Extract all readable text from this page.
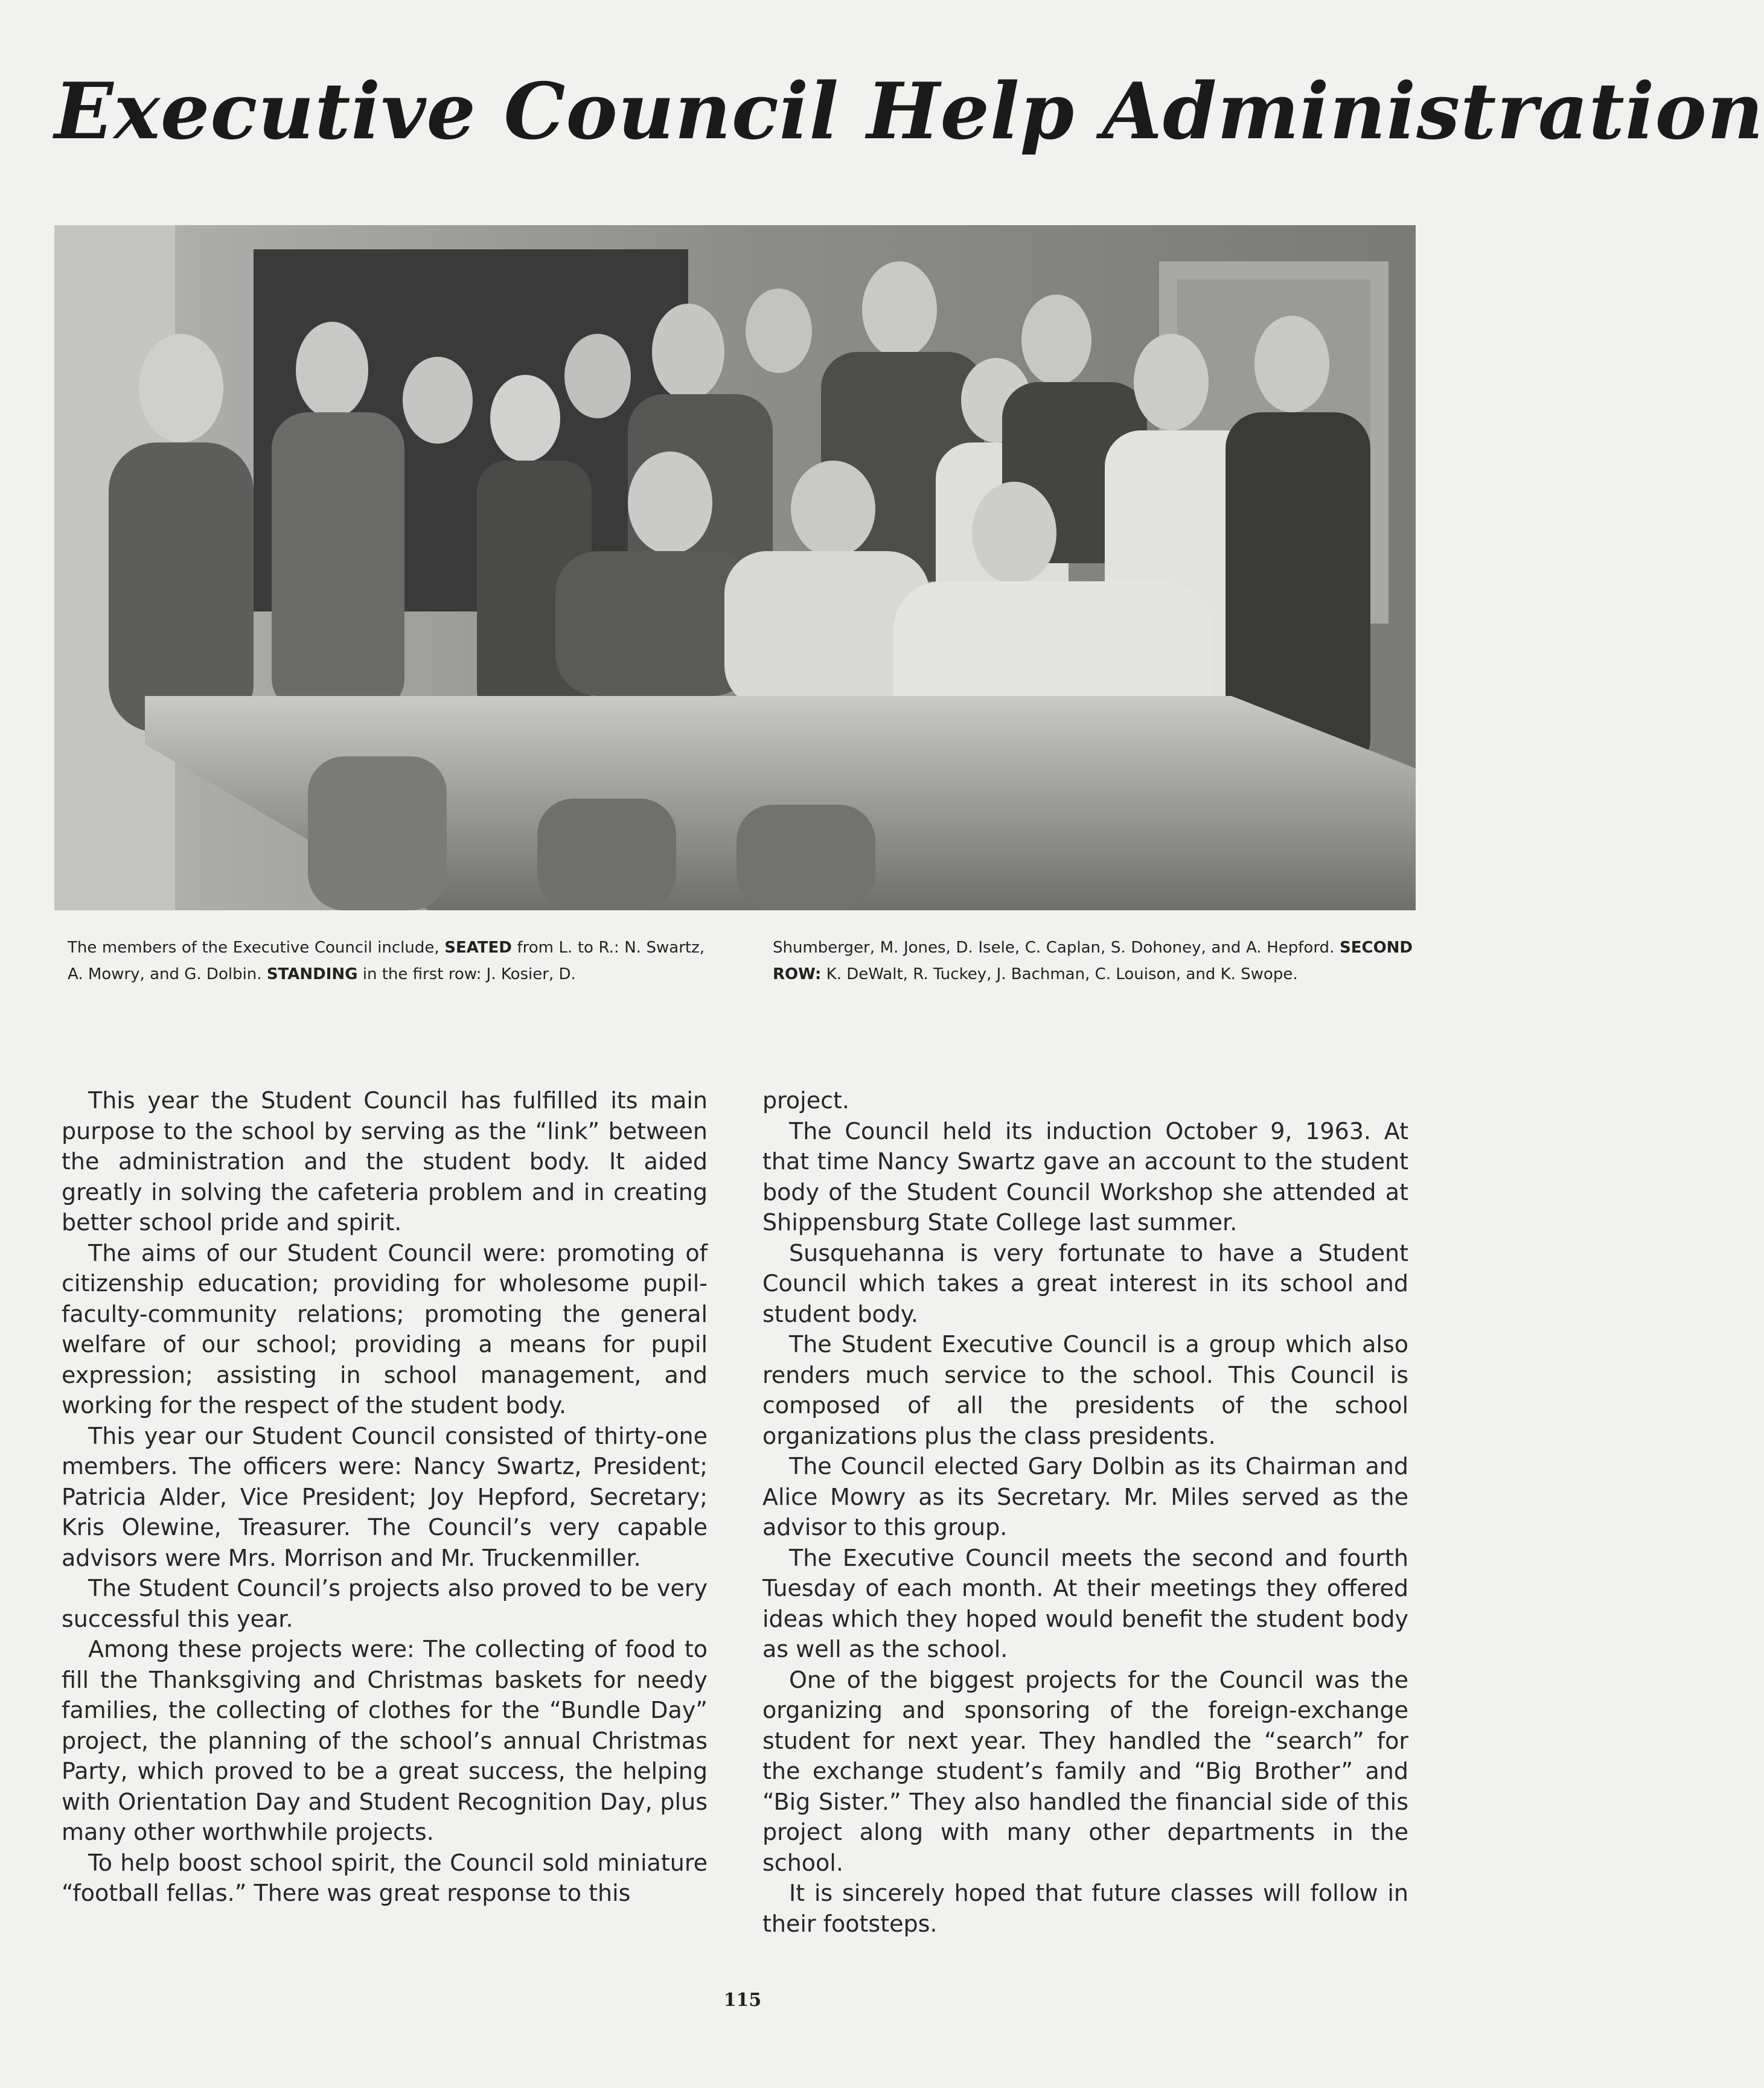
Executive Council Help Administration

The members of the Executive Council include, SEATED from L. to R.: N. Swartz, A. Mowry, and G. Dolbin. STANDING in the first row: J. Kosier, D.

Shumberger, M. Jones, D. Isele, C. Caplan, S. Dohoney, and A. Hepford. SECOND ROW: K. DeWalt, R. Tuckey, J. Bachman, C. Louison, and K. Swope.

This year the Student Council has fulfilled its main purpose to the school by serving as the “link” between the administration and the student body. It aided greatly in solving the cafeteria problem and in creating better school pride and spirit.

The aims of our Student Council were: promoting of citizenship education; providing for wholesome pupil-faculty-community relations; promoting the general welfare of our school; providing a means for pupil expression; assisting in school management, and working for the respect of the student body.

This year our Student Council consisted of thirty-one members. The officers were: Nancy Swartz, President; Patricia Alder, Vice President; Joy Hepford, Secretary; Kris Olewine, Treasurer. The Council’s very capable advisors were Mrs. Morrison and Mr. Truckenmiller.

The Student Council’s projects also proved to be very successful this year.

Among these projects were: The collecting of food to fill the Thanksgiving and Christmas baskets for needy families, the collecting of clothes for the “Bundle Day” project, the planning of the school’s annual Christmas Party, which proved to be a great success, the helping with Orientation Day and Student Recognition Day, plus many other worthwhile projects.

To help boost school spirit, the Council sold miniature “football fellas.” There was great response to this

project.

The Council held its induction October 9, 1963. At that time Nancy Swartz gave an account to the student body of the Student Council Workshop she attended at Shippensburg State College last summer.

Susquehanna is very fortunate to have a Student Council which takes a great interest in its school and student body.

The Student Executive Council is a group which also renders much service to the school. This Council is composed of all the presidents of the school organizations plus the class presidents.

The Council elected Gary Dolbin as its Chairman and Alice Mowry as its Secretary. Mr. Miles served as the advisor to this group.

The Executive Council meets the second and fourth Tuesday of each month. At their meetings they offered ideas which they hoped would benefit the student body as well as the school.

One of the biggest projects for the Council was the organizing and sponsoring of the foreign-exchange student for next year. They handled the “search” for the exchange student’s family and “Big Brother” and “Big Sister.” They also handled the financial side of this project along with many other departments in the school.

It is sincerely hoped that future classes will follow in their footsteps.

115
